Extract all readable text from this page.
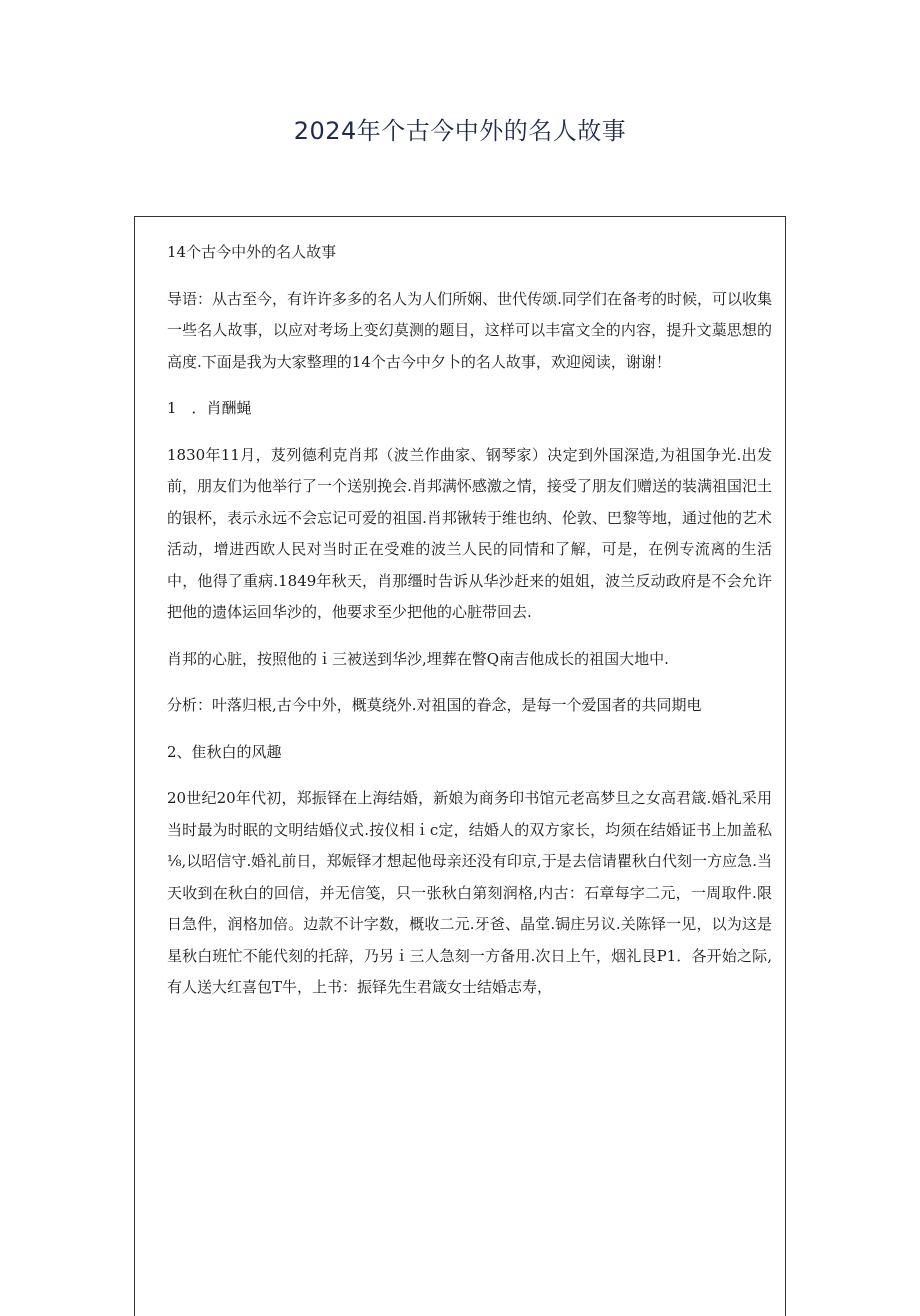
2024年个古今中外的名人故事

14个古今中外的名人故事

导语：从古至今，有许许多多的名人为人们所娴、世代传颂.同学们在备考的时候，可以收集一些名人故事，以应对考场上变幻莫测的题目，这样可以丰富文全的内容，提升文藁思想的高度.下面是我为大家整理的14个古今中夕卜的名人故事，欢迎阅读，谢谢！

1　．肖酬蝇

1830年11月，芨列德利克肖邦（波兰作曲家、钢琴家）决定到外国深造,为祖国争光.出发前，朋友们为他举行了一个送别挽会.肖邦满怀感激之情，接受了朋友们赠送的装满祖国汜土的银杯，表示永远不会忘记可爱的祖国.肖邦锹转于维也纳、伦敦、巴黎等地，通过他的艺术活动，增进西欧人民对当时正在受难的波兰人民的同情和了解，可是，在例专流离的生活中，他得了重病.1849年秋天，肖那缰时告诉从华沙赶来的姐姐，波兰反动政府是不会允许把他的遗体运回华沙的，他要求至少把他的心脏带回去.

肖邦的心脏，按照他的ｉ三被送到华沙,埋葬在瞥Q南吉他成长的祖国大地中.

分析：叶落归根,古今中外，概莫绕外.对祖国的眷念，是每一个爱国者的共同期电

2、隹秋白的风趣

20世纪20年代初，郑振铎在上海结婚，新娘为商务印书馆元老高梦旦之女高君箴.婚礼采用当时最为时眠的文明结婚仪式.按仪相ｉc定，结婚人的双方家长，均须在结婚证书上加盖私⅛,以昭信守.婚礼前日，郑娠铎才想起他母亲还没有印京,于是去信请瞿秋白代刻一方应急.当天收到在秋白的回信，并无信笺，只一张秋白第刻润格,内古：石章每字二元，一周取件.限日急件，润格加倍。边款不计字数，概收二元.牙爸、晶堂.锔庄另议.关陈铎一见，以为这是星秋白班忙不能代刻的托辞，乃另ｉ三人急刻一方备用.次日上午，烟礼艮P1．各开始之际,有人送大红喜包T牛，上书：振铎先生君箴女士结婚志寿，
